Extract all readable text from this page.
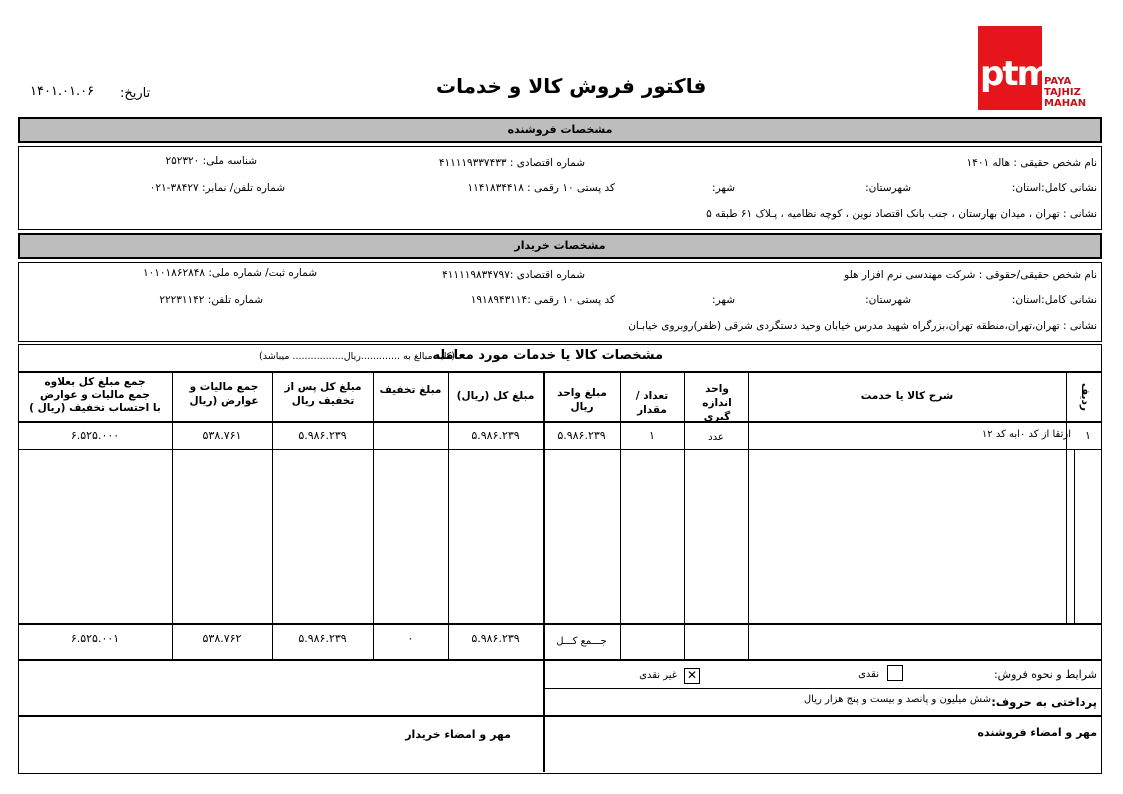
فاکتور فروش کالا و خدمات
تاریخ:
۱۴۰۱.۰۱.۰۶	ptm
PAYA
TAJHIZ
MAHAN
مشخصات فروشنده
نام شخص حقیقی : هاله ۱۴۰۱
شماره اقتصادی : ۴۱۱۱۱۹۳۳۷۴۳۳
شناسه ملی: ۲۵۲۳۲۰
نشانی کامل:استان:
شهرستان:
شهر:
کد پستی ۱۰ رقمی : ۱۱۴۱۸۳۴۴۱۸
شماره تلفن/ نمابر: ۳۸۴۲۷-۰۲۱
نشانی : تهران ، میدان بهارستان ، جنب بانک اقتصاد نوین ، کوچه نظامیه ، پـلاک ۶۱ طبقه ۵
مشخصات خریدار
نام شخص حقیقی/حقوقی : شرکت مهندسی نرم افزار هلو
شماره اقتصادی :۴۱۱۱۱۹۸۳۴۷۹۷
شماره ثبت/ شماره ملی: ۱۰۱۰۱۸۶۲۸۴۸
نشانی کامل:استان:
شهرستان:
شهر:
کد پستی ۱۰ رقمی :۱۹۱۸۹۴۳۱۱۴
شماره تلفن: ۲۲۲۳۱۱۴۲
نشانی : تهران،تهران،منطقه تهران،بزرگراه شهید مدرس خیابان وحید دستگردی شرقی (ظفر)روبروی خیابـان
مشخصات کالا یا خدمات مورد معامله
(کلیه مبالغ به .............ریال................. میباشد)
ردیف
شرح کالا یا خدمت
واحد اندازه گیری
تعداد / مقدار
مبلغ واحد ریال
مبلغ کل (ریال)
مبلغ تخفیف
مبلغ کل پس از تخفیف ریال
جمع مالیات و عوارض (ریال
جمع مبلغ کل بعلاوه
جمع مالیات و عوارض
با احتساب تخفیف (ریال )
۱
ارتقا از کد ۰ابه کد ۱۲
عدد
۱
۵.۹۸۶.۲۳۹
۵.۹۸۶.۲۳۹
۵.۹۸۶.۲۳۹
۵۳۸.۷۶۱
۶.۵۲۵.۰۰۰
جـــمع کـــل
۵.۹۸۶.۲۳۹
۰
۵.۹۸۶.۲۳۹
۵۳۸.۷۶۲
۶.۵۲۵.۰۰۱
شرایط و نحوه فروش:
نقدی
✕
غیر نقدی
پرداختی به حروف:
شش میلیون و پانصد و بیست و پنج هزار ریال
مهر و امضاء فروشنده
مهر و امضاء خریدار
